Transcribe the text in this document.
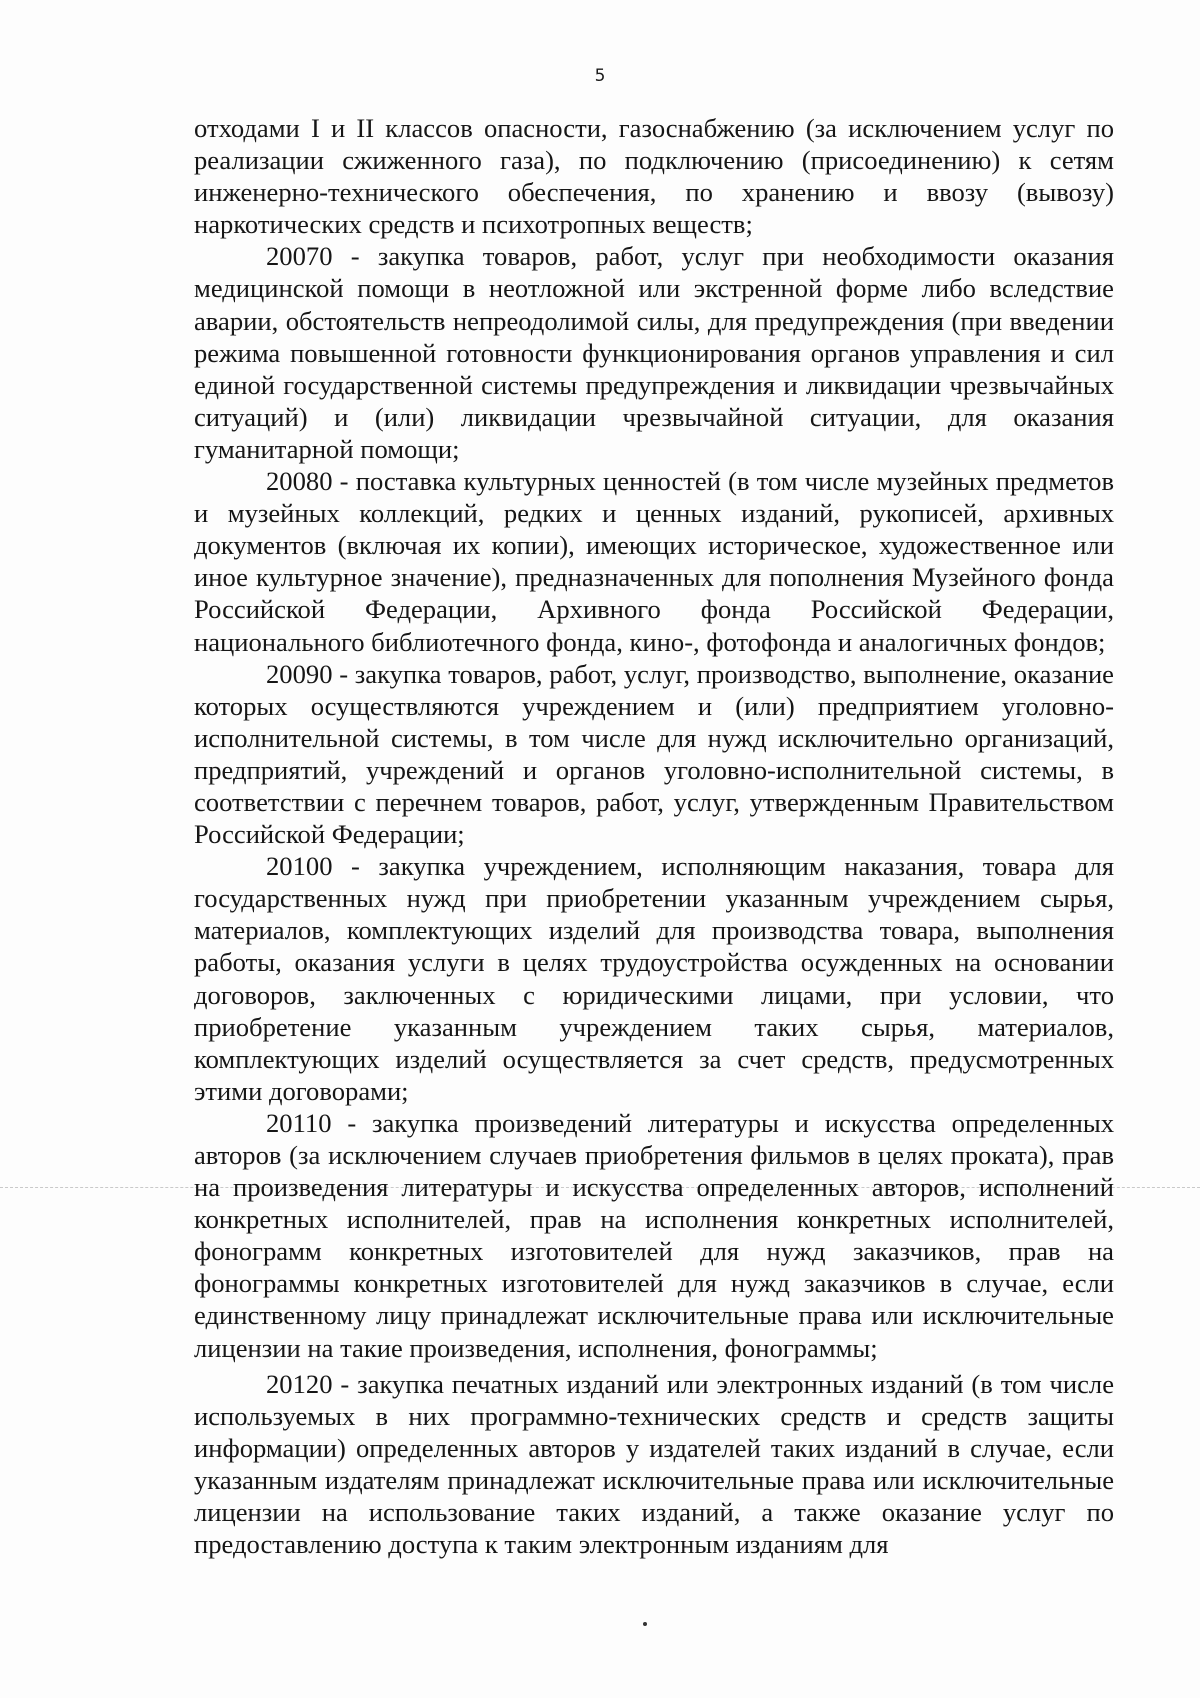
5

отходами I и II классов опасности, газоснабжению (за исключением услуг по реализации сжиженного газа), по подключению (присоединению) к сетям инженерно-технического обеспечения, по хранению и ввозу (вывозу) наркотических средств и психотропных веществ;

20070 - закупка товаров, работ, услуг при необходимости оказания медицинской помощи в неотложной или экстренной форме либо вследствие аварии, обстоятельств непреодолимой силы, для предупреждения (при введении режима повышенной готовности функционирования органов управления и сил единой государственной системы предупреждения и ликвидации чрезвычайных ситуаций) и (или) ликвидации чрезвычайной ситуации, для оказания гуманитарной помощи;

20080 - поставка культурных ценностей (в том числе музейных предметов и музейных коллекций, редких и ценных изданий, рукописей, архивных документов (включая их копии), имеющих историческое, художественное или иное культурное значение), предназначенных для пополнения Музейного фонда Российской Федерации, Архивного фонда Российской Федерации, национального библиотечного фонда, кино-, фотофонда и аналогичных фондов;

20090 - закупка товаров, работ, услуг, производство, выполнение, оказание которых осуществляются учреждением и (или) предприятием уголовно-исполнительной системы, в том числе для нужд исключительно организаций, предприятий, учреждений и органов уголовно-исполнительной системы, в соответствии с перечнем товаров, работ, услуг, утвержденным Правительством Российской Федерации;

20100 - закупка учреждением, исполняющим наказания, товара для государственных нужд при приобретении указанным учреждением сырья, материалов, комплектующих изделий для производства товара, выполнения работы, оказания услуги в целях трудоустройства осужденных на основании договоров, заключенных с юридическими лицами, при условии, что приобретение указанным учреждением таких сырья, материалов, комплектующих изделий осуществляется за счет средств, предусмотренных этими договорами;

20110 - закупка произведений литературы и искусства определенных авторов (за исключением случаев приобретения фильмов в целях проката), прав на произведения литературы и искусства определенных авторов, исполнений конкретных исполнителей, прав на исполнения конкретных исполнителей, фонограмм конкретных изготовителей для нужд заказчиков, прав на фонограммы конкретных изготовителей для нужд заказчиков в случае, если единственному лицу принадлежат исключительные права или исключительные лицензии на такие произведения, исполнения, фонограммы;

20120 - закупка печатных изданий или электронных изданий (в том числе используемых в них программно-технических средств и средств защиты информации) определенных авторов у издателей таких изданий в случае, если указанным издателям принадлежат исключительные права или исключительные лицензии на использование таких изданий, а также оказание услуг по предоставлению доступа к таким электронным изданиям для
